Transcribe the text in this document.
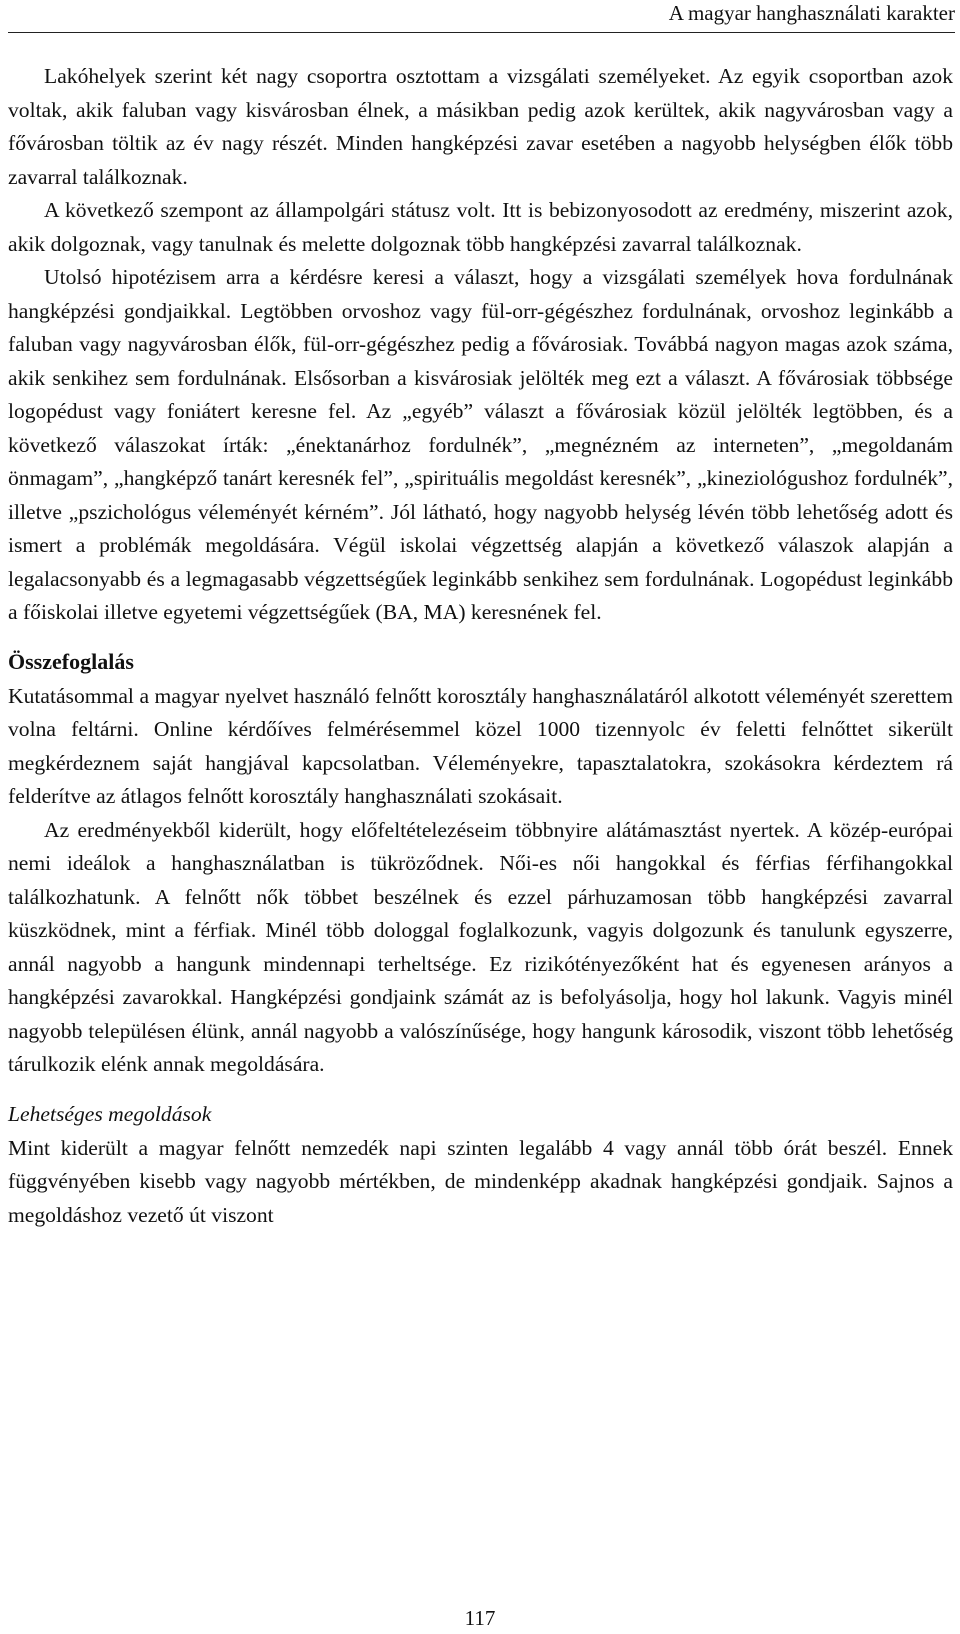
A magyar hanghasználati karakter

Lakóhelyek szerint két nagy csoportra osztottam a vizsgálati személyeket. Az egyik csoportban azok voltak, akik faluban vagy kisvárosban élnek, a másikban pedig azok kerültek, akik nagyvárosban vagy a fővárosban töltik az év nagy részét. Minden hangképzési zavar esetében a nagyobb helységben élők több zavarral találkoznak.

A következő szempont az állampolgári státusz volt. Itt is bebizonyosodott az eredmény, miszerint azok, akik dolgoznak, vagy tanulnak és melette dolgoznak több hangképzési zavarral találkoznak.

Utolsó hipotézisem arra a kérdésre keresi a választ, hogy a vizsgálati személyek hova fordulnának hangképzési gondjaikkal. Legtöbben orvoshoz vagy fül-orr-gégészhez fordulnának, orvoshoz leginkább a faluban vagy nagyvárosban élők, fül-orr-gégészhez pedig a fővárosiak. Továbbá nagyon magas azok száma, akik senkihez sem fordulnának. Elsősorban a kisvárosiak jelölték meg ezt a választ. A fővárosiak többsége logopédust vagy foniátert keresne fel. Az „egyéb” választ a fővárosiak közül jelölték legtöbben, és a következő válaszokat írták: „énektanárhoz fordulnék”, „megnézném az interneten”, „megoldanám önmagam”, „hangképző tanárt keresnék fel”, „spirituális megoldást keresnék”, „kineziológushoz fordulnék”, illetve „pszichológus véleményét kérném”. Jól látható, hogy nagyobb helység lévén több lehetőség adott és ismert a problémák megoldására. Végül iskolai végzettség alapján a következő válaszok alapján a legalacsonyabb és a legmagasabb végzettségűek leginkább senkihez sem fordulnának. Logopédust leginkább a főiskolai illetve egyetemi végzettségűek (BA, MA) keresnének fel.

Összefoglalás

Kutatásommal a magyar nyelvet használó felnőtt korosztály hanghasználatáról alkotott véleményét szerettem volna feltárni. Online kérdőíves felmérésemmel közel 1000 tizennyolc év feletti felnőttet sikerült megkérdeznem saját hangjával kapcsolatban. Véleményekre, tapasztalatokra, szokásokra kérdeztem rá felderítve az átlagos felnőtt korosztály hanghasználati szokásait.

Az eredményekből kiderült, hogy előfeltételezéseim többnyire alátámasztást nyertek. A közép-európai nemi ideálok a hanghasználatban is tükröződnek. Női-es női hangokkal és férfias férfihangokkal találkozhatunk. A felnőtt nők többet beszélnek és ezzel párhuzamosan több hangképzési zavarral küszködnek, mint a férfiak. Minél több dologgal foglalkozunk, vagyis dolgozunk és tanulunk egyszerre, annál nagyobb a hangunk mindennapi terheltsége. Ez rizikótényezőként hat és egyenesen arányos a hangképzési zavarokkal. Hangképzési gondjaink számát az is befolyásolja, hogy hol lakunk. Vagyis minél nagyobb településen élünk, annál nagyobb a valószínűsége, hogy hangunk károsodik, viszont több lehetőség tárulkozik elénk annak megoldására.

Lehetséges megoldások

Mint kiderült a magyar felnőtt nemzedék napi szinten legalább 4 vagy annál több órát beszél. Ennek függvényében kisebb vagy nagyobb mértékben, de mindenképp akadnak hangképzési gondjaik. Sajnos a megoldáshoz vezető út viszont

117
